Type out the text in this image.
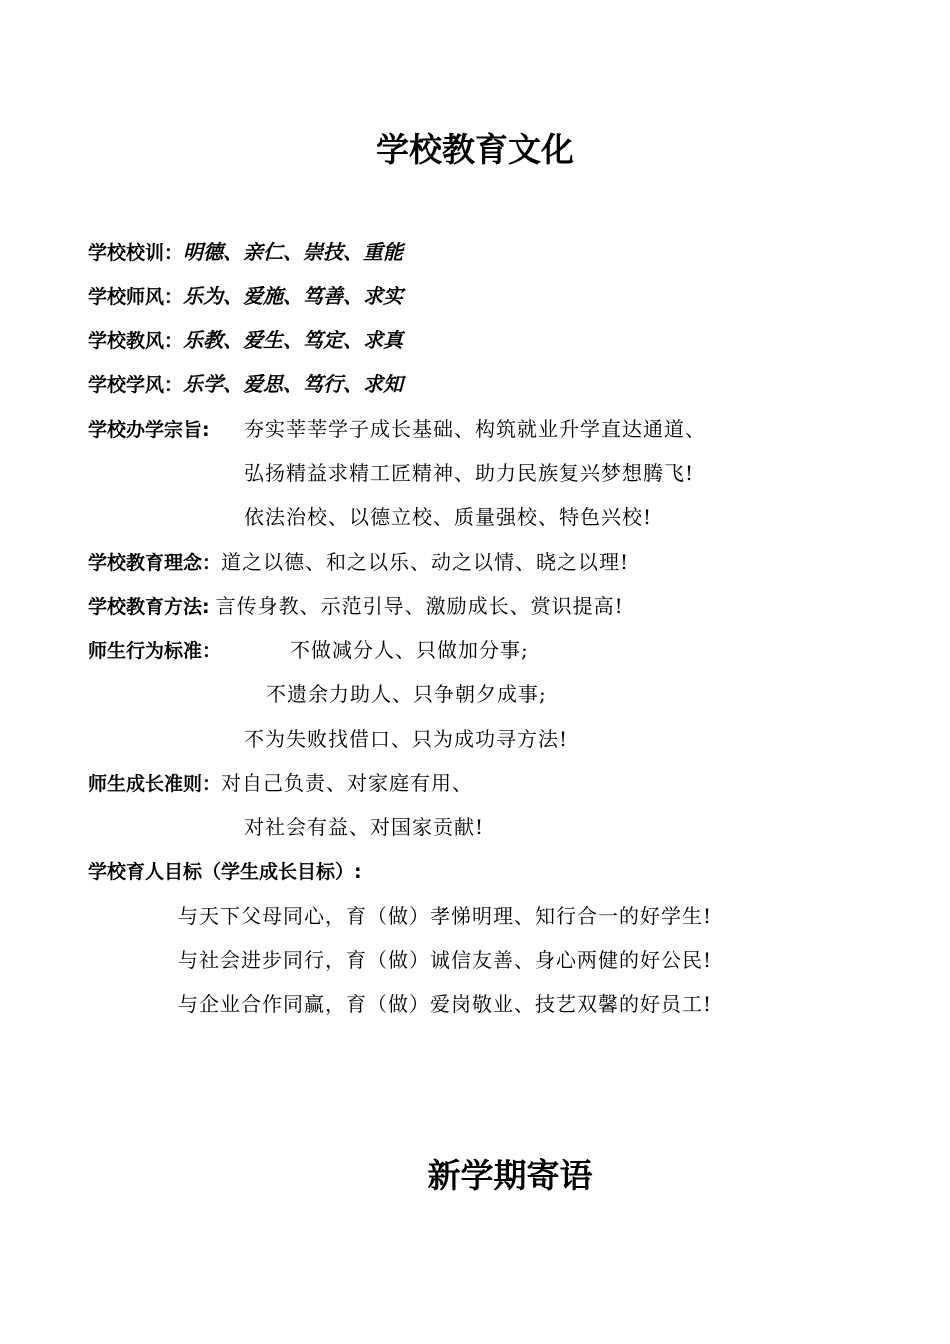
学校教育文化
学校校训：明德、亲仁、崇技、重能
学校师风：乐为、爱施、笃善、求实
学校教风：乐教、爱生、笃定、求真
学校学风：乐学、爱思、笃行、求知
学校办学宗旨: 夯实莘莘学子成长基础、构筑就业升学直达通道、
弘扬精益求精工匠精神、助力民族复兴梦想腾飞!
依法治校、以德立校、质量强校、特色兴校!
学校教育理念：道之以德、和之以乐、动之以情、晓之以理!
学校教育方法: 言传身教、示范引导、激励成长、赏识提高!
师生行为标准：	不做减分人、只做加分事;
不遗余力助人、只争朝夕成事;
不为失败找借口、只为成功寻方法!
师生成长准则：对自己负责、对家庭有用、
对社会有益、对国家贡献!
学校育人目标（学生成长目标）:
与天下父母同心，育（做）孝悌明理、知行合一的好学生!
与社会进步同行，育（做）诚信友善、身心两健的好公民!
与企业合作同赢，育（做）爱岗敬业、技艺双馨的好员工!
新学期寄语
